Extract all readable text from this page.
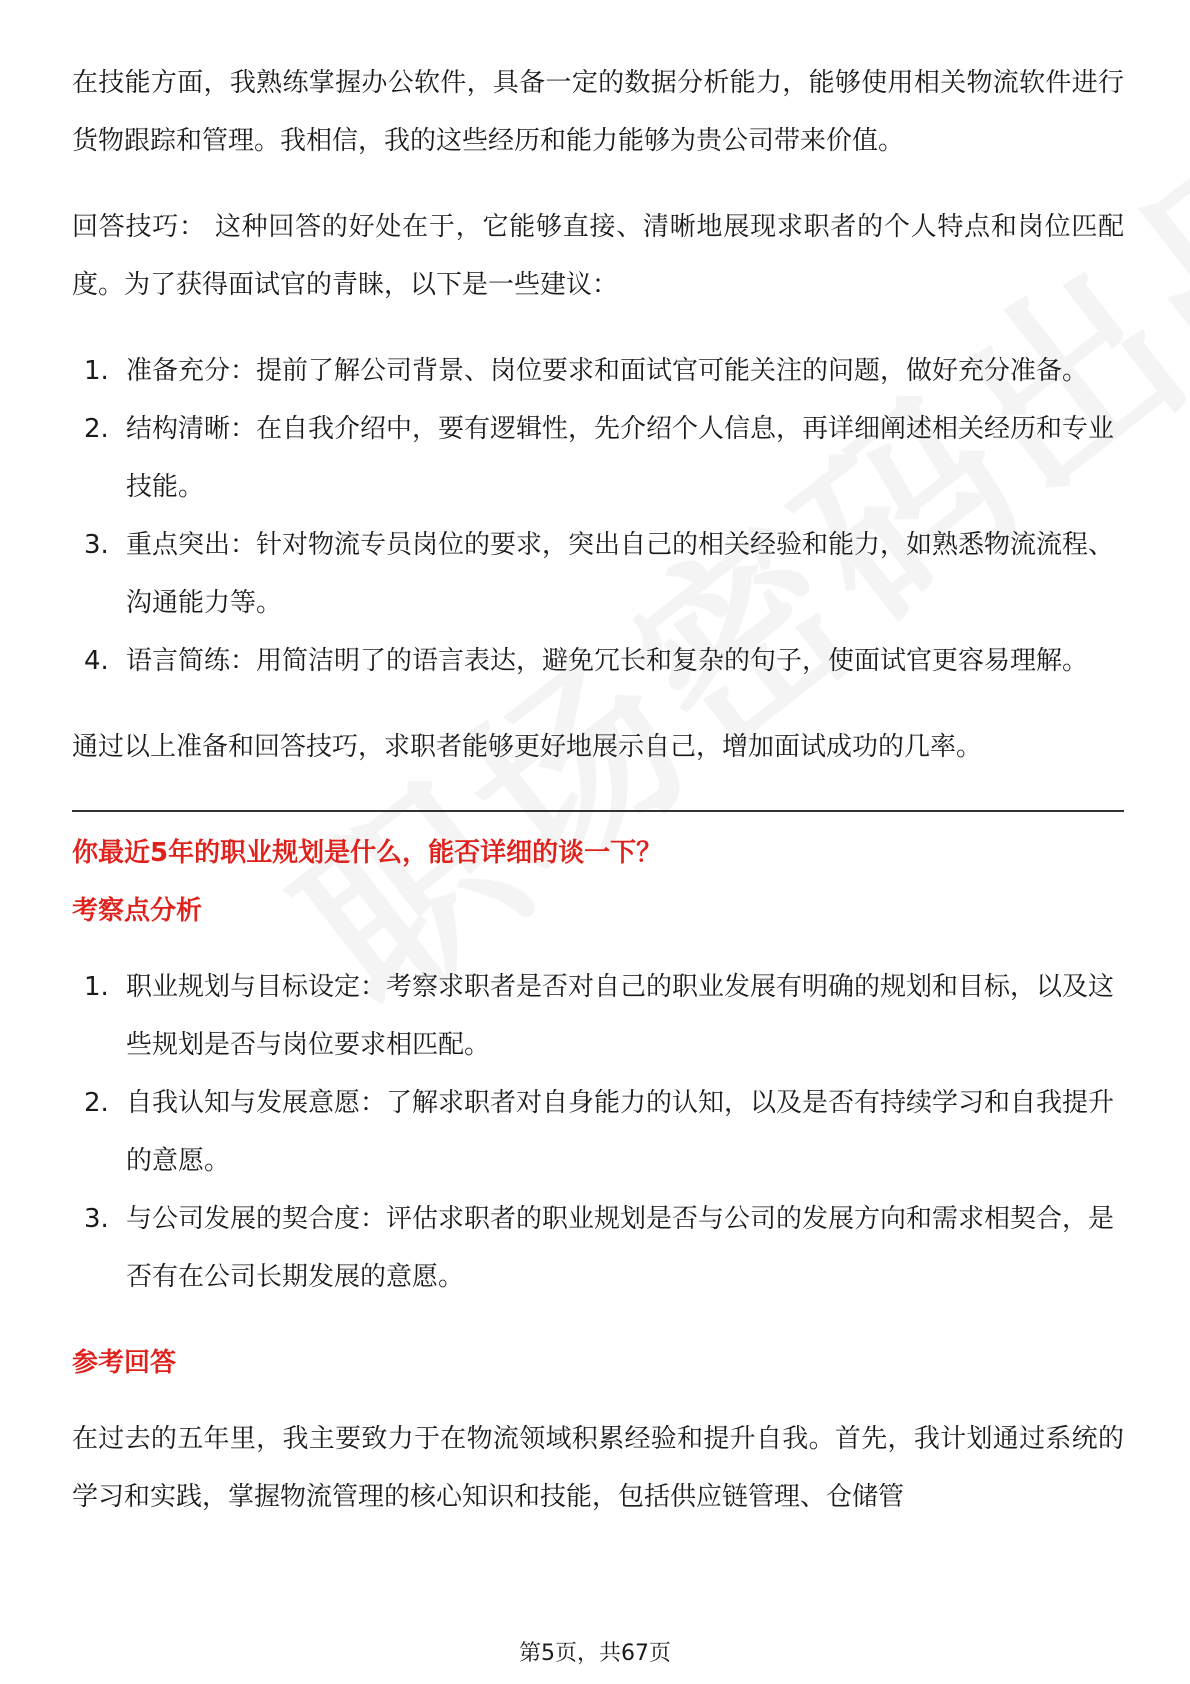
在技能方面，我熟练掌握办公软件，具备一定的数据分析能力，能够使用相关物流软件进行货物跟踪和管理。我相信，我的这些经历和能力能够为贵公司带来价值。

回答技巧： 这种回答的好处在于，它能够直接、清晰地展现求职者的个人特点和岗位匹配度。为了获得面试官的青睐，以下是一些建议：

1. 准备充分：提前了解公司背景、岗位要求和面试官可能关注的问题，做好充分准备。
2. 结构清晰：在自我介绍中，要有逻辑性，先介绍个人信息，再详细阐述相关经历和专业技能。
3. 重点突出：针对物流专员岗位的要求，突出自己的相关经验和能力，如熟悉物流流程、沟通能力等。
4. 语言简练：用简洁明了的语言表达，避免冗长和复杂的句子，使面试官更容易理解。

通过以上准备和回答技巧，求职者能够更好地展示自己，增加面试成功的几率。

你最近5年的职业规划是什么，能否详细的谈一下？
考察点分析
1. 职业规划与目标设定：考察求职者是否对自己的职业发展有明确的规划和目标，以及这些规划是否与岗位要求相匹配。
2. 自我认知与发展意愿：了解求职者对自身能力的认知，以及是否有持续学习和自我提升的意愿。
3. 与公司发展的契合度：评估求职者的职业规划是否与公司的发展方向和需求相契合，是否有在公司长期发展的意愿。
参考回答

在过去的五年里，我主要致力于在物流领域积累经验和提升自我。首先，我计划通过系统的学习和实践，掌握物流管理的核心知识和技能，包括供应链管理、仓储管

第5页，共67页
